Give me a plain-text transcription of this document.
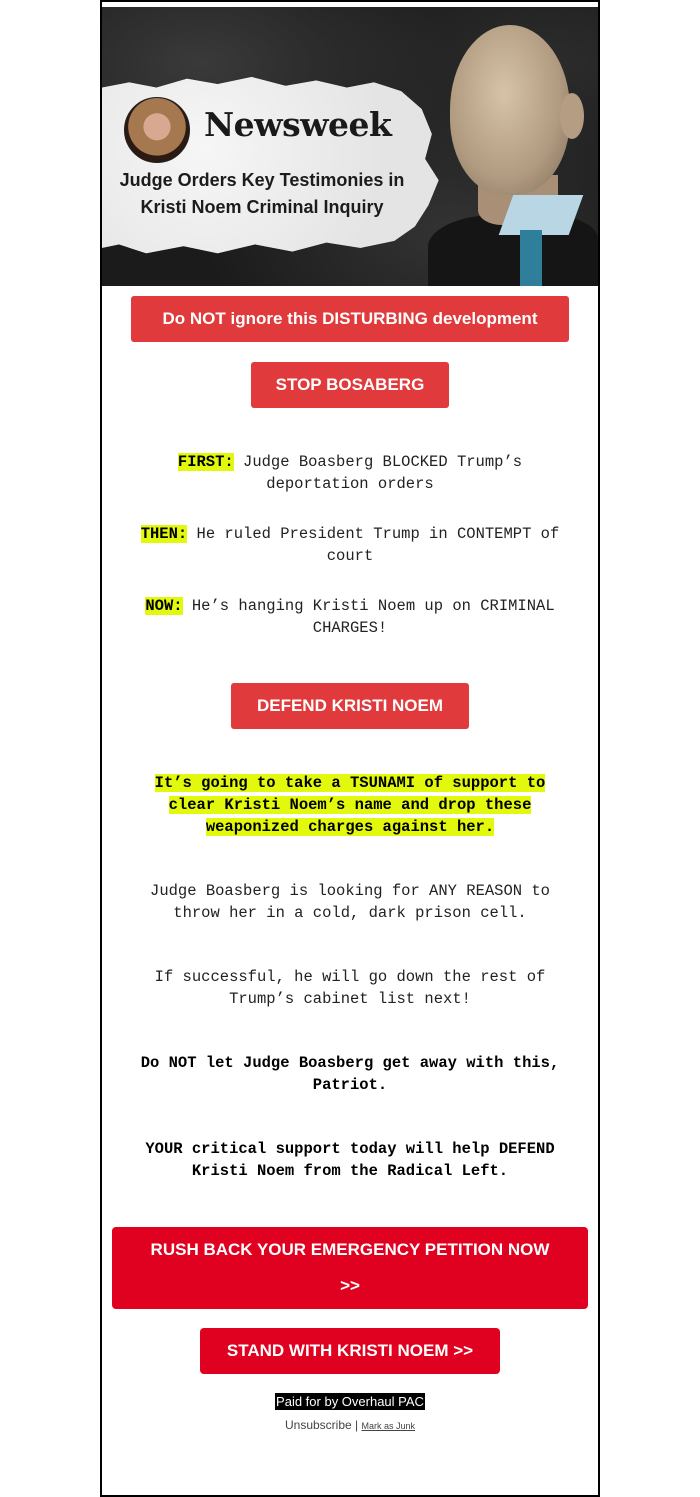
Newsweek
Judge Orders Key Testimonies in
Kristi Noem Criminal Inquiry
Do NOT ignore this DISTURBING development
STOP BOSABERG
FIRST: Judge Boasberg BLOCKED Trump’s deportation orders
THEN: He ruled President Trump in CONTEMPT of court
NOW: He’s hanging Kristi Noem up on CRIMINAL CHARGES!
DEFEND KRISTI NOEM
It’s going to take a TSUNAMI of support to clear Kristi Noem’s name and drop these weaponized charges against her.
Judge Boasberg is looking for ANY REASON to throw her in a cold, dark prison cell.
If successful, he will go down the rest of Trump’s cabinet list next!
Do NOT let Judge Boasberg get away with this, Patriot.
YOUR critical support today will help DEFEND Kristi Noem from the Radical Left.
RUSH BACK YOUR EMERGENCY PETITION NOW
>>
STAND WITH KRISTI NOEM >>
Paid for by Overhaul PAC
Unsubscribe | Mark as Junk
